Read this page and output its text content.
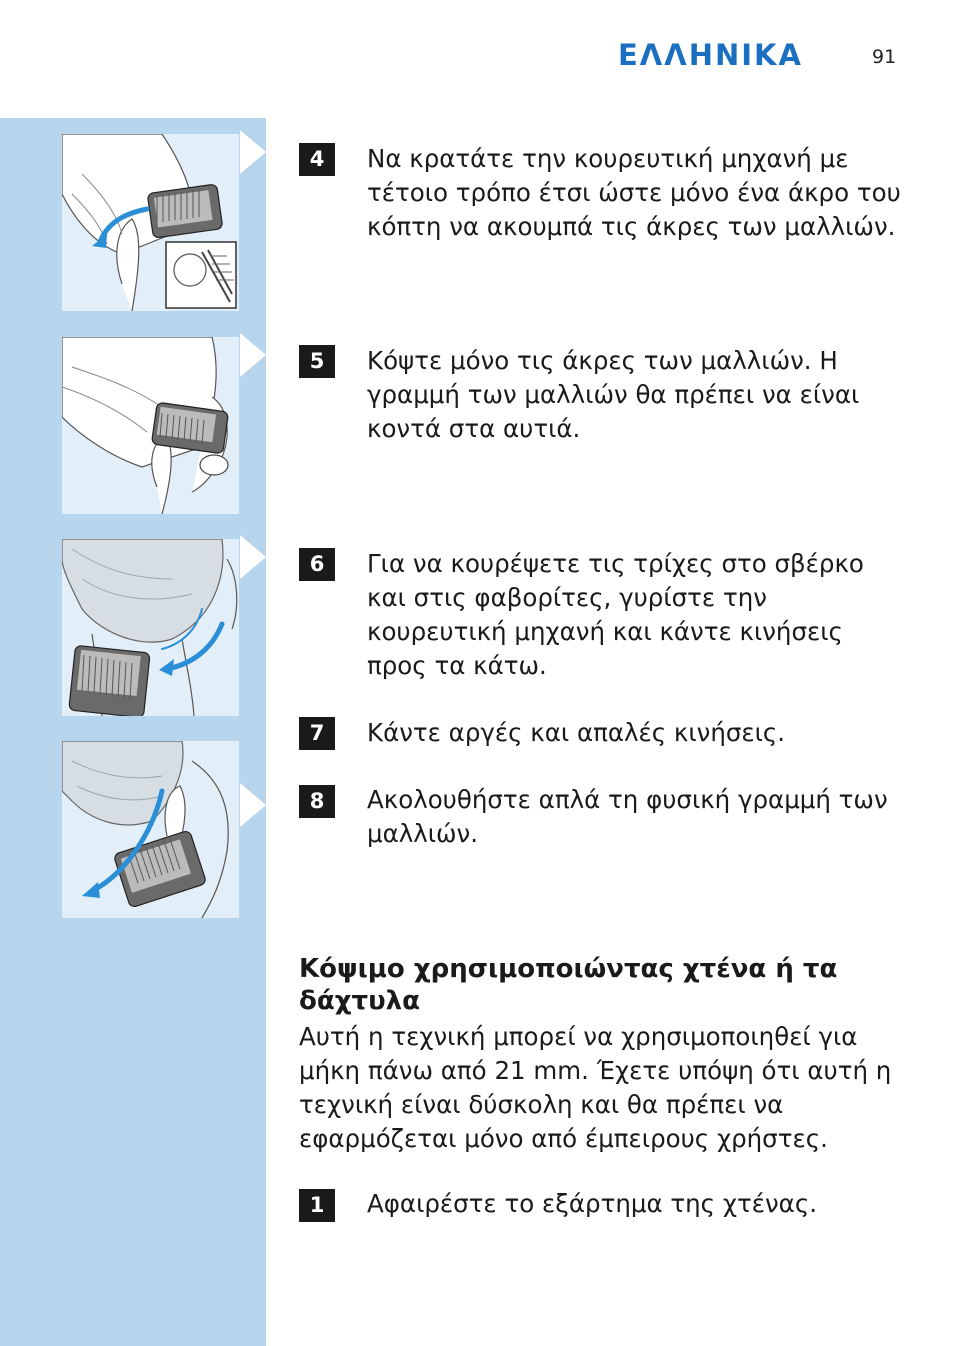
ΕΛΛΗΝΙΚΑ	91
4	Να κρατάτε την κουρευτική μηχανή με τέτοιο τρόπο έτσι ώστε μόνο ένα άκρο του κόπτη να ακουμπά τις άκρες των μαλλιών.
5	Κόψτε μόνο τις άκρες των μαλλιών. Η γραμμή των μαλλιών θα πρέπει να είναι κοντά στα αυτιά.
6	Για να κουρέψετε τις τρίχες στο σβέρκο και στις φαβορίτες, γυρίστε την κουρευτική μηχανή και κάντε κινήσεις προς τα κάτω.
7	Κάντε αργές και απαλές κινήσεις.
8	Ακολουθήστε απλά τη φυσική γραμμή των μαλλιών.
Κόψιμο χρησιμοποιώντας χτένα ή τα δάχτυλα
Αυτή η τεχνική μπορεί να χρησιμοποιηθεί για μήκη πάνω από 21 mm. Έχετε υπόψη ότι αυτή η τεχνική είναι δύσκολη και θα πρέπει να εφαρμόζεται μόνο από έμπειρους χρήστες.
1	Αφαιρέστε το εξάρτημα της χτένας.
